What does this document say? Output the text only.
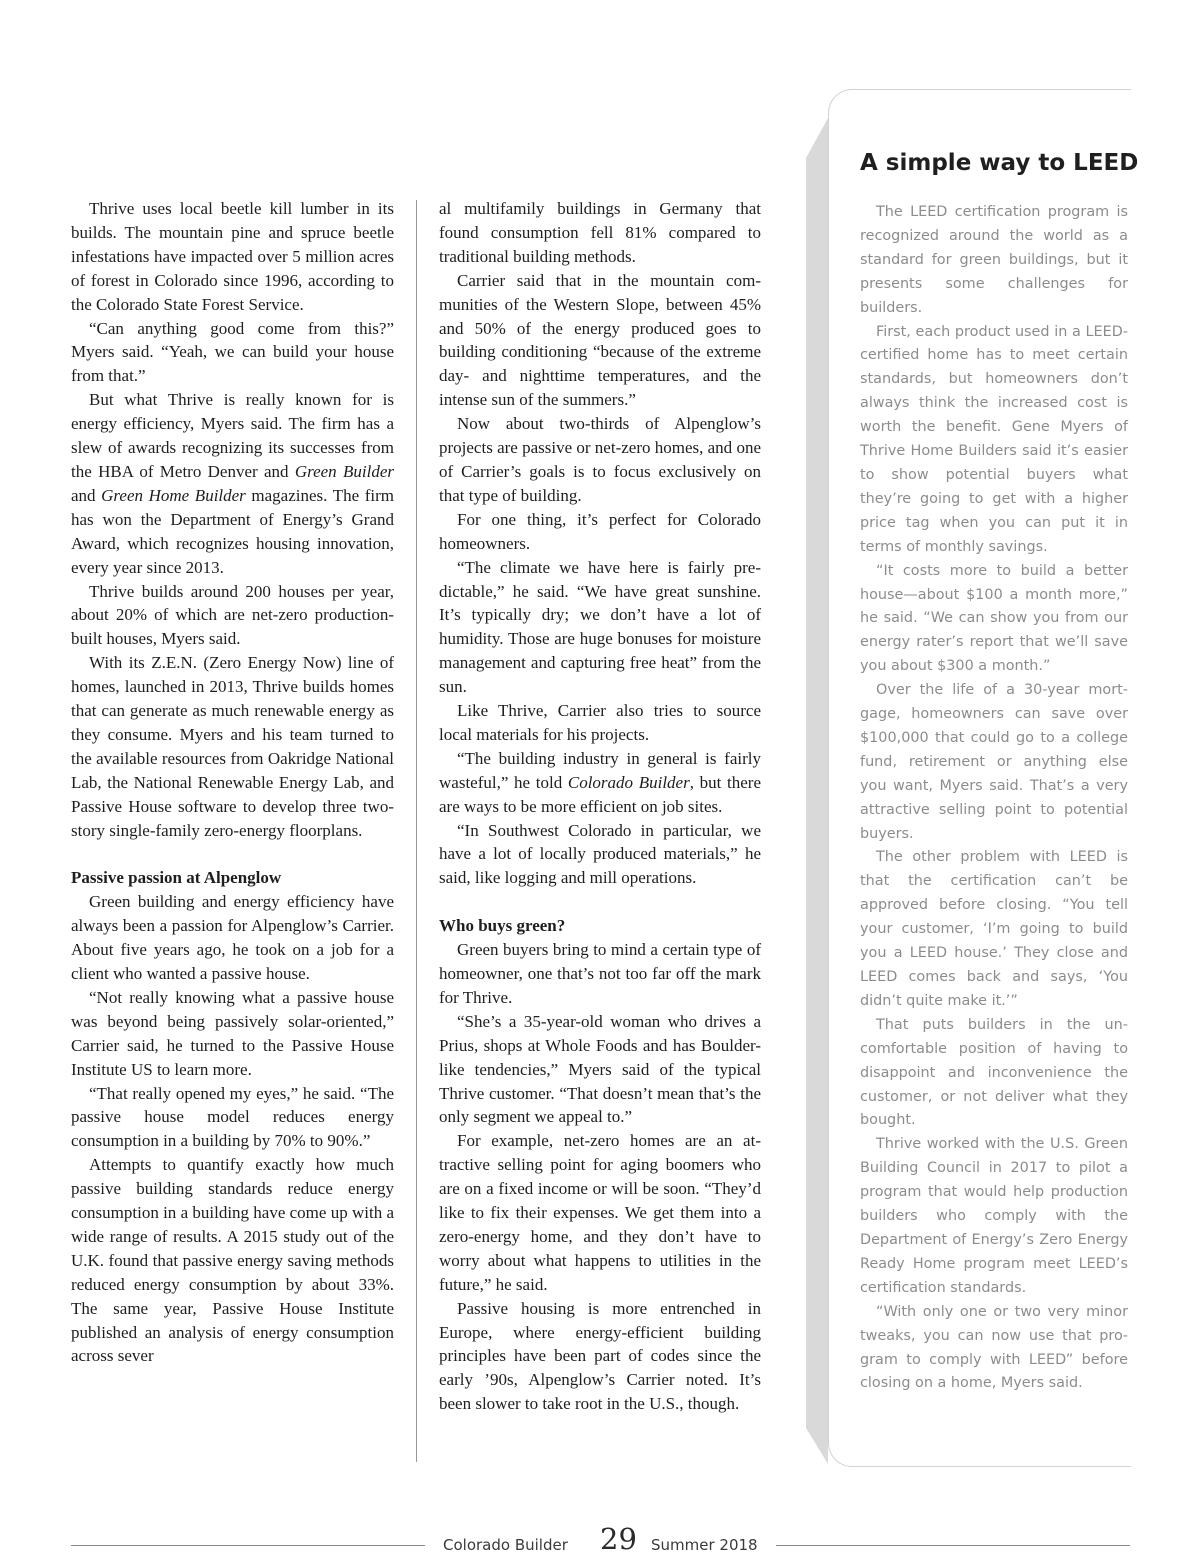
Thrive uses local beetle kill lumber in its builds. The mountain pine and spruce beetle infestations have impacted over 5 million acres of forest in Colorado since 1996, according to the Colorado State Forest Service.

“Can anything good come from this?” Myers said. “Yeah, we can build your house from that.”

But what Thrive is really known for is energy efficiency, Myers said. The firm has a slew of awards recognizing its successes from the HBA of Metro Denver and Green Builder and Green Home Builder magazines. The firm has won the Department of Energy’s Grand Award, which recognizes housing innovation, every year since 2013.

Thrive builds around 200 houses per year, about 20% of which are net-zero production-built houses, Myers said.

With its Z.E.N. (Zero Energy Now) line of homes, launched in 2013, Thrive builds homes that can generate as much renewable energy as they consume. Myers and his team turned to the available resources from Oakridge National Lab, the National Renewable Energy Lab, and Passive House software to develop three two-story single-family zero-energy floorplans.

Passive passion at Alpenglow

Green building and energy efficiency have always been a passion for Alpenglow’s Carrier. About five years ago, he took on a job for a client who wanted a passive house.

“Not really knowing what a passive house was beyond being passively solar-oriented,” Carrier said, he turned to the Passive House Institute US to learn more.

“That really opened my eyes,” he said. “The passive house model reduces energy consumption in a building by 70% to 90%.”

Attempts to quantify exactly how much passive building standards reduce energy consumption in a building have come up with a wide range of results. A 2015 study out of the U.K. found that passive energy saving methods reduced energy consumption by about 33%. The same year, Passive House Institute published an analysis of energy consumption across sever

al multifamily buildings in Germany that found consumption fell 81% compared to traditional building methods.

Carrier said that in the mountain communities of the Western Slope, between 45% and 50% of the energy produced goes to building conditioning “because of the extreme day- and nighttime temperatures, and the intense sun of the summers.”

Now about two-thirds of Alpenglow’s projects are passive or net-zero homes, and one of Carrier’s goals is to focus exclusively on that type of building.

For one thing, it’s perfect for Colorado homeowners.

“The climate we have here is fairly predictable,” he said. “We have great sunshine. It’s typically dry; we don’t have a lot of humidity. Those are huge bonuses for moisture management and capturing free heat” from the sun.

Like Thrive, Carrier also tries to source local materials for his projects.

“The building industry in general is fairly wasteful,” he told Colorado Builder, but there are ways to be more efficient on job sites.

“In Southwest Colorado in particular, we have a lot of locally produced materials,” he said, like logging and mill operations.

Who buys green?

Green buyers bring to mind a certain type of homeowner, one that’s not too far off the mark for Thrive.

“She’s a 35-year-old woman who drives a Prius, shops at Whole Foods and has Boulder-like tendencies,” Myers said of the typical Thrive customer. “That doesn’t mean that’s the only segment we appeal to.”

For example, net-zero homes are an attractive selling point for aging boomers who are on a fixed income or will be soon. “They’d like to fix their expenses. We get them into a zero-energy home, and they don’t have to worry about what happens to utilities in the future,” he said.

Passive housing is more entrenched in Europe, where energy-efficient building principles have been part of codes since the early ’90s, Alpenglow’s Carrier noted. It’s been slower to take root in the U.S., though.

A simple way to LEED

The LEED certification program is recognized around the world as a standard for green buildings, but it presents some challenges for builders.

First, each product used in a LEED-certified home has to meet certain standards, but homeowners don’t always think the increased cost is worth the benefit. Gene Myers of Thrive Home Builders said it’s easier to show potential buyers what they’re going to get with a higher price tag when you can put it in terms of monthly savings.

“It costs more to build a better house—about $100 a month more,” he said. “We can show you from our energy rater’s report that we’ll save you about $300 a month.”

Over the life of a 30-year mortgage, homeowners can save over $100,000 that could go to a college fund, retirement or anything else you want, Myers said. That’s a very attractive selling point to potential buyers.

The other problem with LEED is that the certification can’t be approved before closing. “You tell your customer, ‘I’m going to build you a LEED house.’ They close and LEED comes back and says, ‘You didn’t quite make it.’”

That puts builders in the uncomfortable position of having to disappoint and inconvenience the customer, or not deliver what they bought.

Thrive worked with the U.S. Green Building Council in 2017 to pilot a program that would help production builders who comply with the Department of Energy’s Zero Energy Ready Home program meet LEED’s certification standards.

“With only one or two very minor tweaks, you can now use that program to comply with LEED” before closing on a home, Myers said.

Colorado Builder 29 Summer 2018
